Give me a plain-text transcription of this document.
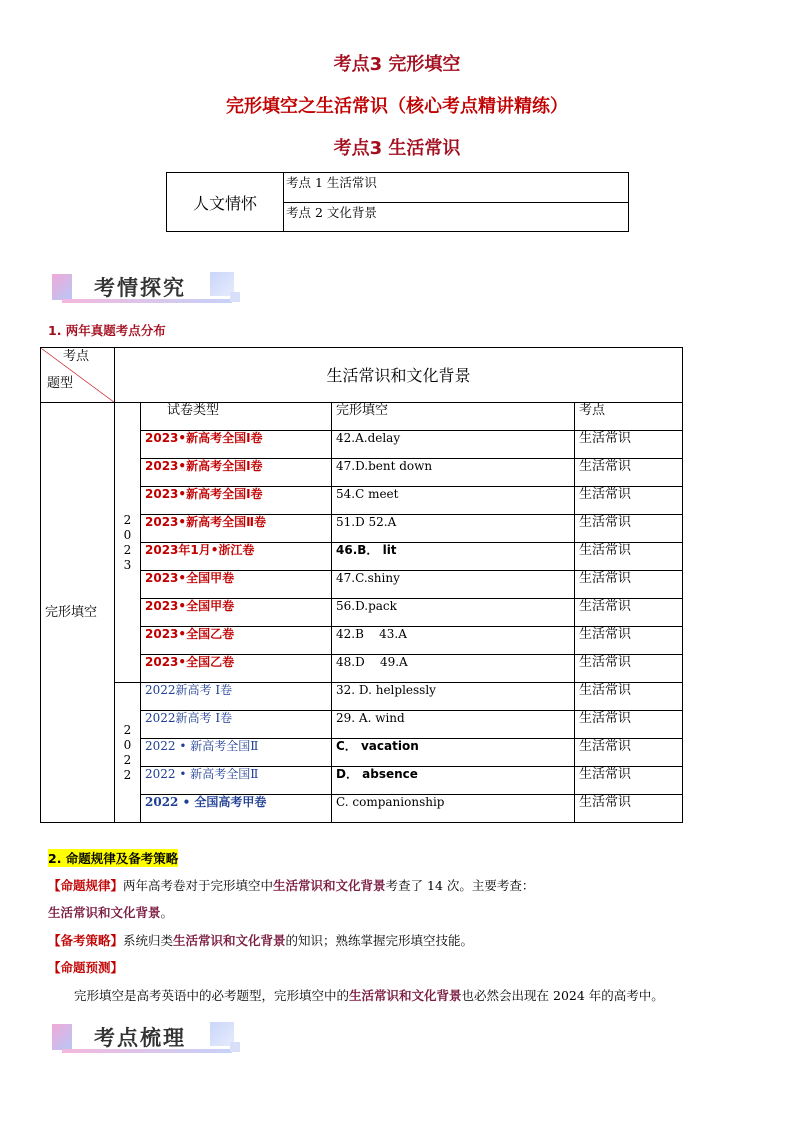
考点3 完形填空
完形填空之生活常识（核心考点精讲精练）
考点3 生活常识
人文情怀	考点 1 生活常识
考点 2 文化背景
考情探究
1. 两年真题考点分布
考点
题型	生活常识和文化背景			
完形填空	2
0
2
3	试卷类型	完形填空	考点
		2023•新高考全国Ⅰ卷	42.A.delay	生活常识
		2023•新高考全国Ⅰ卷	47.D.bent down	生活常识
		2023•新高考全国Ⅰ卷	54.C meet	生活常识
		2023•新高考全国Ⅱ卷	51.D 52.A	生活常识
		2023年1月•浙江卷	46.B． lit	生活常识
		2023•全国甲卷	47.C.shiny	生活常识
		2023•全国甲卷	56.D.pack	生活常识
		2023•全国乙卷	42.B    43.A	生活常识
		2023•全国乙卷	48.D    49.A	生活常识

	2
0
2
2	2022新高考 I卷	32. D. helplessly	生活常识
		2022新高考 I卷	29. A. wind	生活常识
		2022 • 新高考全国Ⅱ	C． vacation	生活常识
		2022 • 新高考全国Ⅱ	D． absence	生活常识
		2022 • 全国高考甲卷	C. companionship	生活常识
2. 命题规律及备考策略
【命题规律】两年高考卷对于完形填空中生活常识和文化背景考查了 14 次。主要考查：
生活常识和文化背景。
【备考策略】系统归类生活常识和文化背景的知识；熟练掌握完形填空技能。
【命题预测】
完形填空是高考英语中的必考题型，完形填空中的生活常识和文化背景也必然会出现在 2024 年的高考中。
考点梳理
